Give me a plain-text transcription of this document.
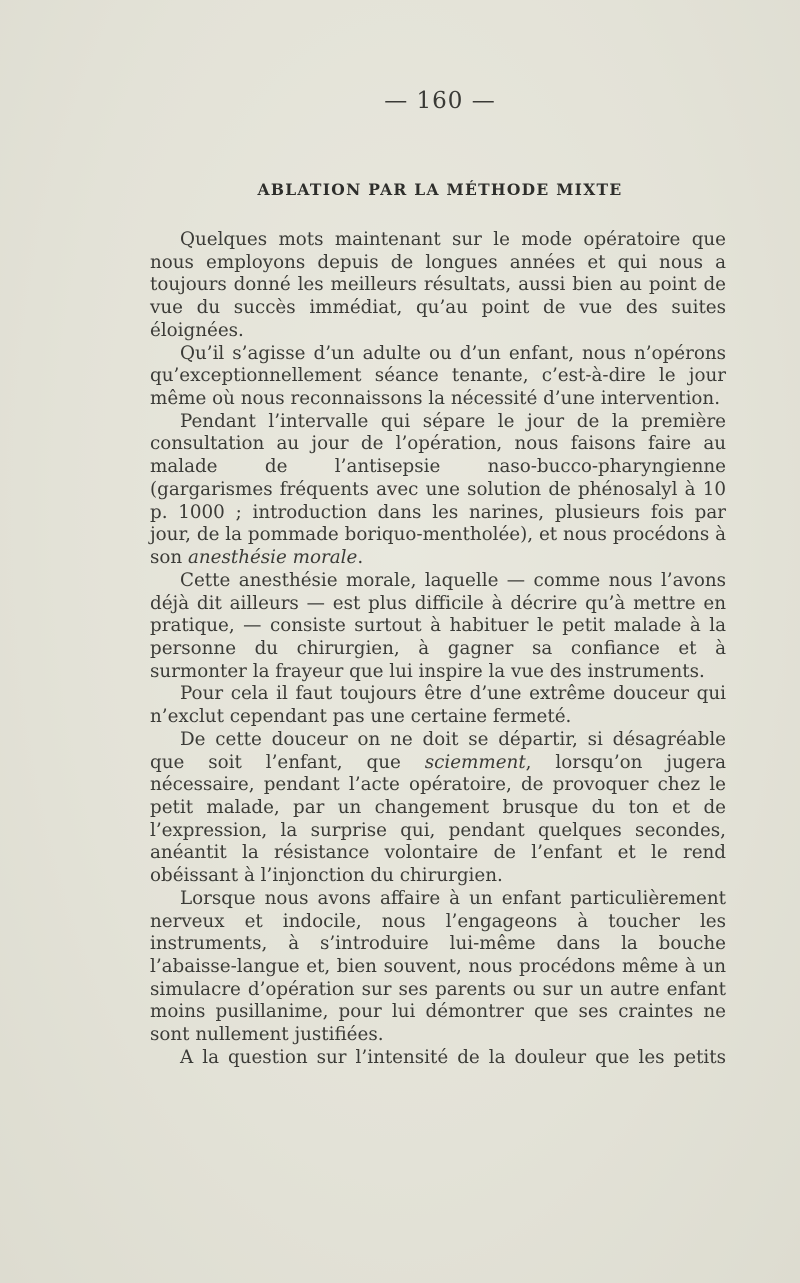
— 160 —
ABLATION PAR LA MÉTHODE MIXTE

Quelques mots maintenant sur le mode opératoire que nous employons depuis de longues années et qui nous a toujours donné les meilleurs résultats, aussi bien au point de vue du succès immédiat, qu’au point de vue des suites éloignées.

Qu’il s’agisse d’un adulte ou d’un enfant, nous n’opérons qu’exceptionnellement séance tenante, c’est-à-dire le jour même où nous reconnaissons la nécessité d’une intervention.

Pendant l’intervalle qui sépare le jour de la première consultation au jour de l’opération, nous faisons faire au malade de l’antisepsie naso-bucco-pharyngienne (gargarismes fréquents avec une solution de phénosalyl à 10 p. 1000 ; introduction dans les narines, plusieurs fois par jour, de la pommade boriquo-mentholée), et nous procédons à son anesthésie morale.

Cette anesthésie morale, laquelle — comme nous l’avons déjà dit ailleurs — est plus difficile à décrire qu’à mettre en pratique, — consiste surtout à habituer le petit malade à la personne du chirurgien, à gagner sa confiance et à surmonter la frayeur que lui inspire la vue des instruments.

Pour cela il faut toujours être d’une extrême douceur qui n’exclut cependant pas une certaine fermeté.

De cette douceur on ne doit se départir, si désagréable que soit l’enfant, que sciemment, lorsqu’on jugera nécessaire, pendant l’acte opératoire, de provoquer chez le petit malade, par un changement brusque du ton et de l’expression, la surprise qui, pendant quelques secondes, anéantit la résistance volontaire de l’enfant et le rend obéissant à l’injonction du chirurgien.

Lorsque nous avons affaire à un enfant particulièrement nerveux et indocile, nous l’engageons à toucher les instruments, à s’introduire lui-même dans la bouche l’abaisse-langue et, bien souvent, nous procédons même à un simulacre d’opération sur ses parents ou sur un autre enfant moins pusillanime, pour lui démontrer que ses craintes ne sont nullement justifiées.

A la question sur l’intensité de la douleur que les petits
